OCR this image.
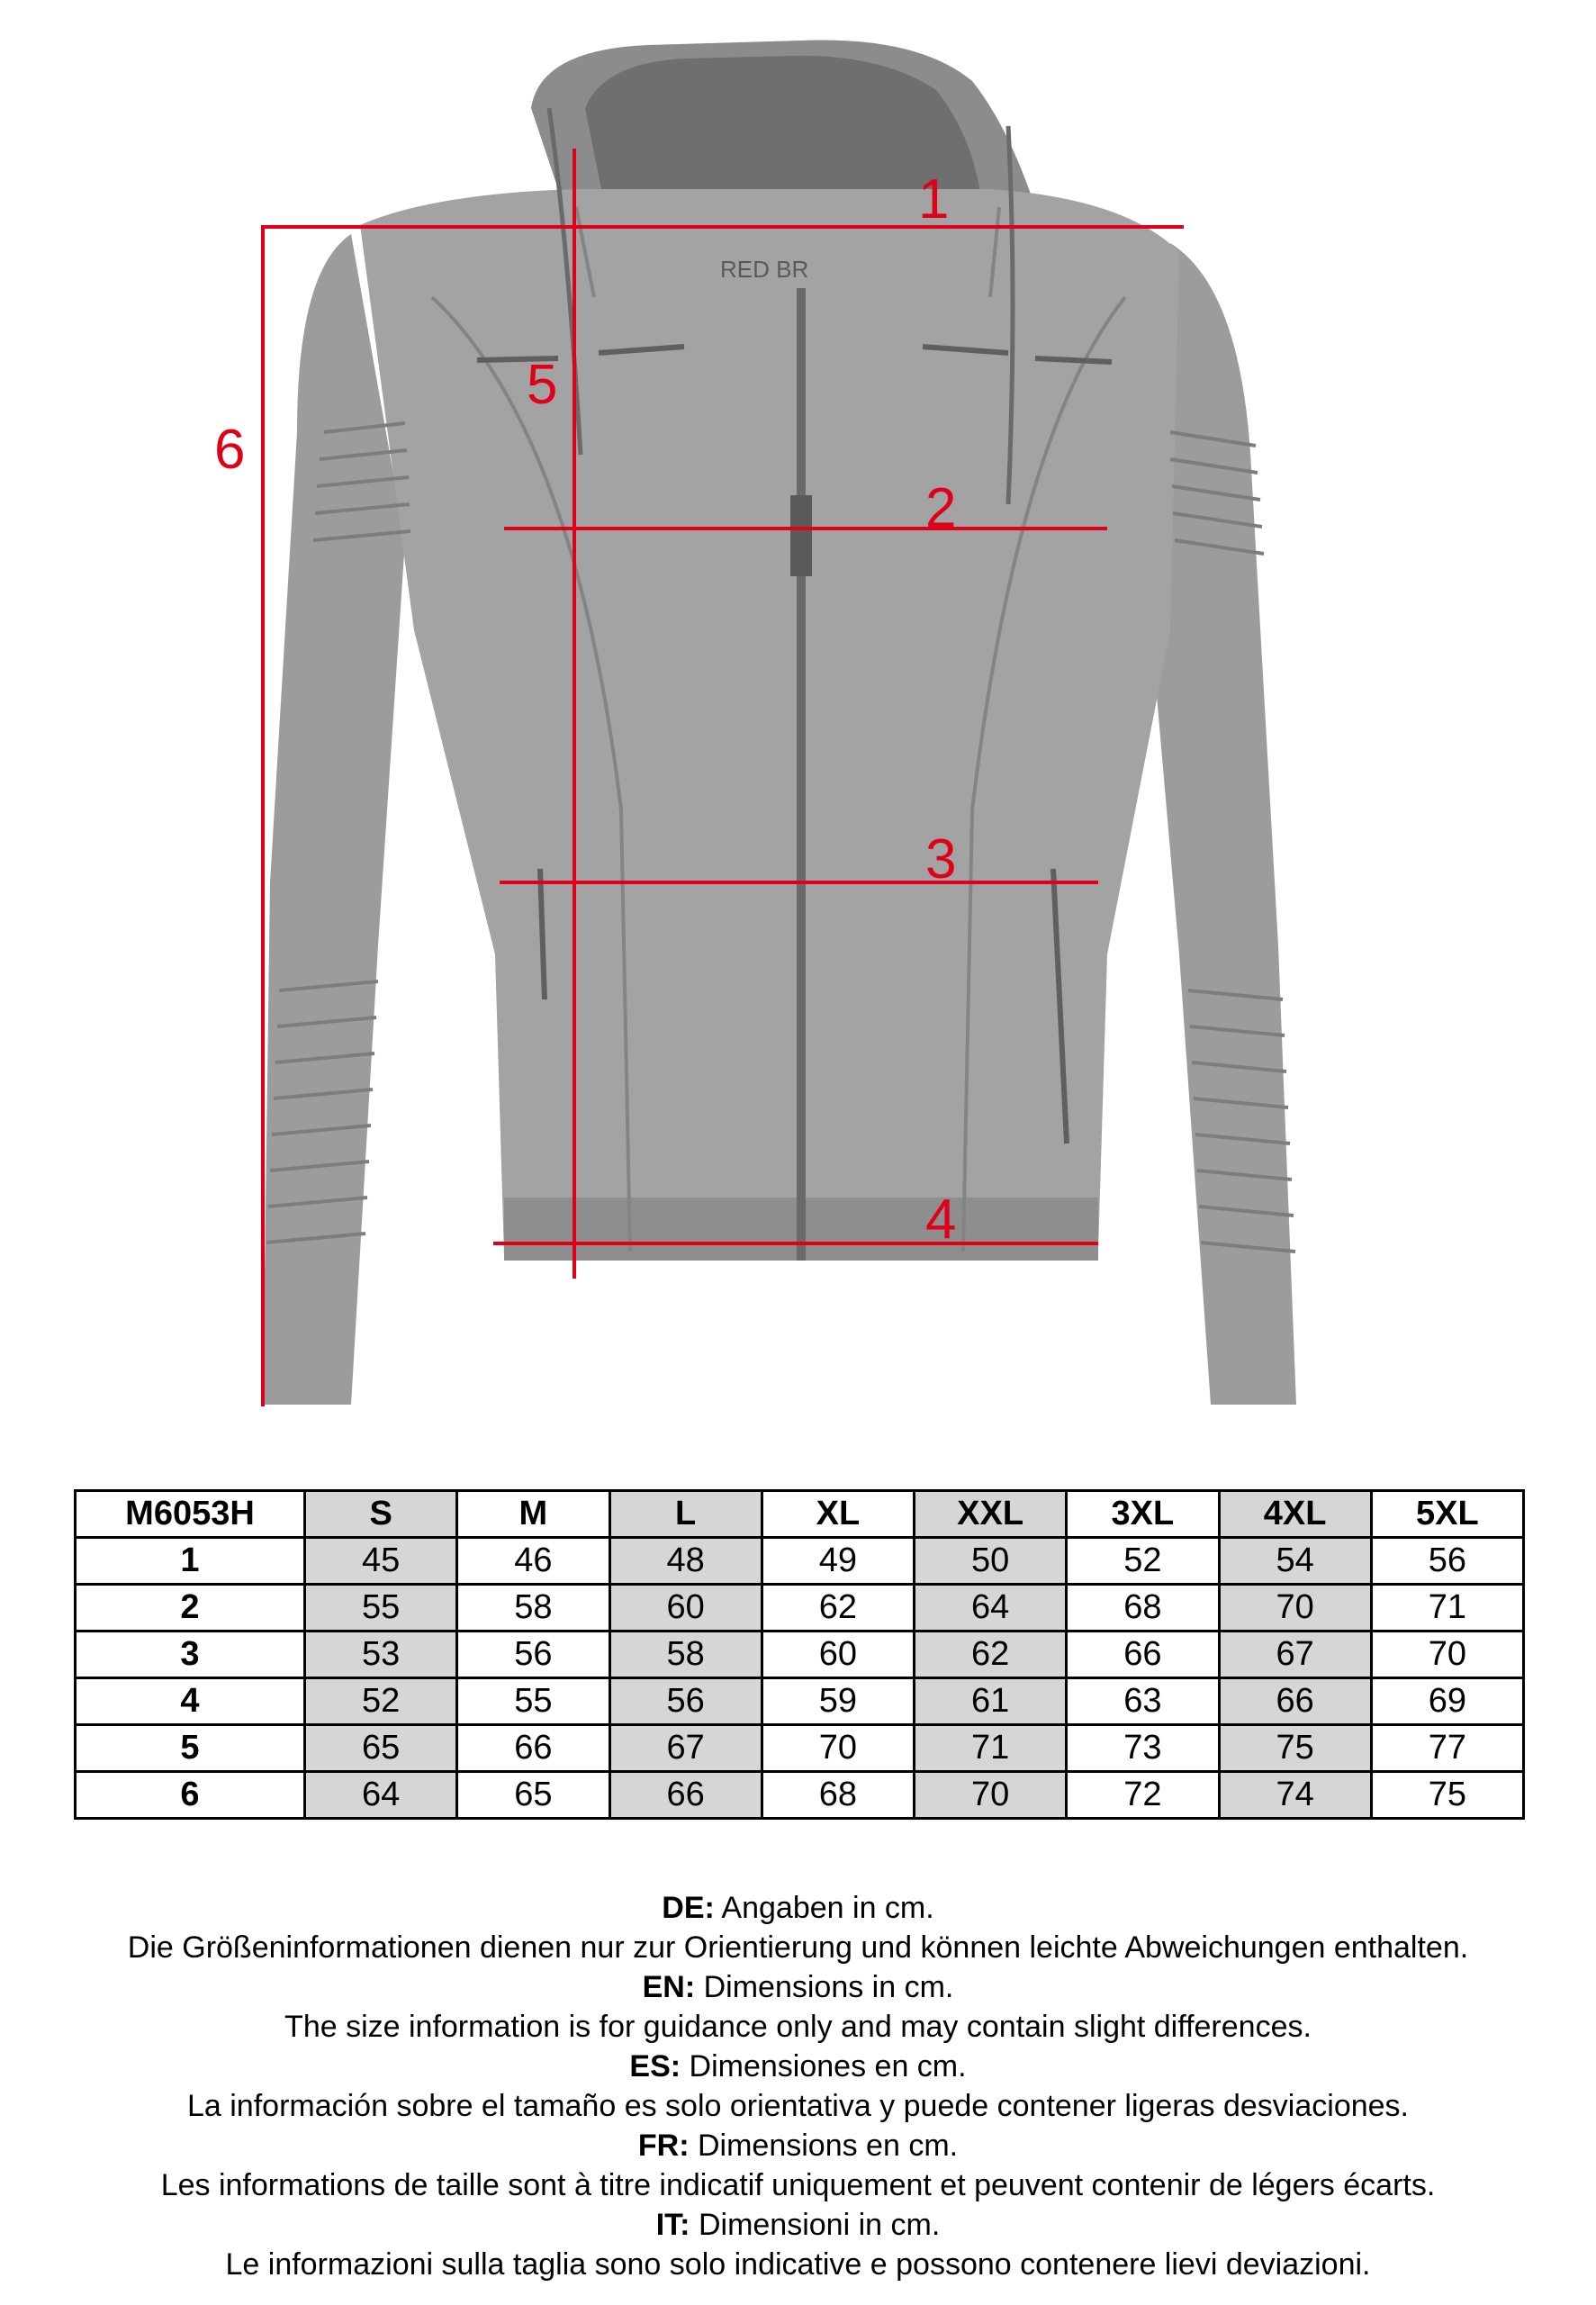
RED BR
1
2
3
4
5
6
M6053H	S	M	L	XL	XXL	3XL	4XL	5XL
1	45	46	48	49	50	52	54	56
2	55	58	60	62	64	68	70	71
3	53	56	58	60	62	66	67	70
4	52	55	56	59	61	63	66	69
5	65	66	67	70	71	73	75	77
6	64	65	66	68	70	72	74	75
DE: Angaben in cm.
Die Größeninformationen dienen nur zur Orientierung und können leichte Abweichungen enthalten.
EN: Dimensions in cm.
The size information is for guidance only and may contain slight differences.
ES: Dimensiones en cm.
La información sobre el tamaño es solo orientativa y puede contener ligeras desviaciones.
FR: Dimensions en cm.
Les informations de taille sont à titre indicatif uniquement et peuvent contenir de légers écarts.
IT: Dimensioni in cm.
Le informazioni sulla taglia sono solo indicative e possono contenere lievi deviazioni.
